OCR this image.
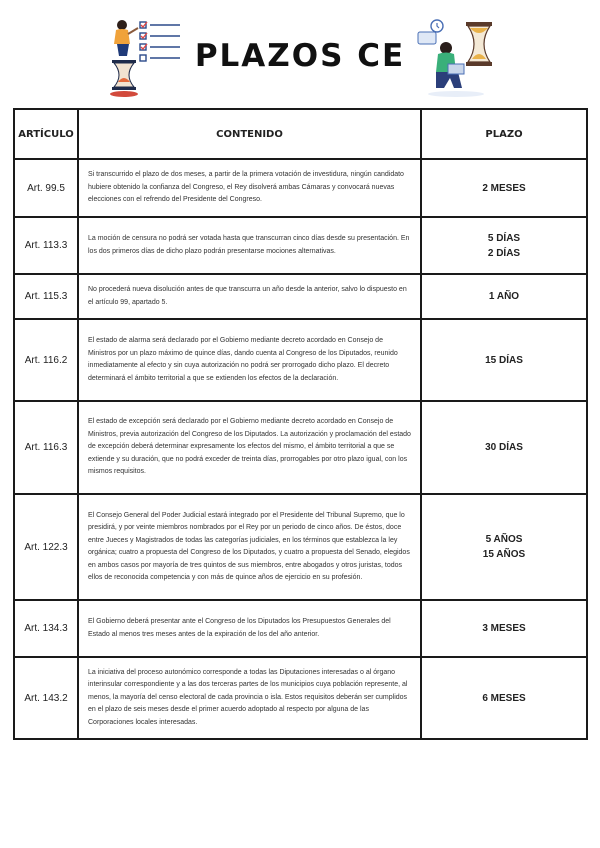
PLAZOS CE
ARTÍCULO	CONTENIDO	PLAZO
Art. 99.5	Si transcurrido el plazo de dos meses, a partir de la primera votación de investidura, ningún candidato hubiere obtenido la confianza del Congreso, el Rey disolverá ambas Cámaras y convocará nuevas elecciones con el refrendo del Presidente del Congreso.	2 MESES

Art. 113.3	La moción de censura no podrá ser votada hasta que transcurran cinco días desde su presentación. En los dos primeros días de dicho plazo podrán presentarse mociones alternativas.	5 DÍAS
2 DÍAS

Art. 115.3	No procederá nueva disolución antes de que transcurra un año desde la anterior, salvo lo dispuesto en el artículo 99, apartado 5.	1 AÑO

Art. 116.2	El estado de alarma será declarado por el Gobierno mediante decreto acordado en Consejo de Ministros por un plazo máximo de quince días, dando cuenta al Congreso de los Diputados, reunido inmediatamente al efecto y sin cuya autorización no podrá ser prorrogado dicho plazo. El decreto determinará el ámbito territorial a que se extienden los efectos de la declaración.	15 DÍAS

Art. 116.3	El estado de excepción será declarado por el Gobierno mediante decreto acordado en Consejo de Ministros, previa autorización del Congreso de los Diputados. La autorización y proclamación del estado de excepción deberá determinar expresamente los efectos del mismo, el ámbito territorial a que se extiende y su duración, que no podrá exceder de treinta días, prorrogables por otro plazo igual, con los mismos requisitos.	30 DÍAS

Art. 122.3	El Consejo General del Poder Judicial estará integrado por el Presidente del Tribunal Supremo, que lo presidirá, y por veinte miembros nombrados por el Rey por un periodo de cinco años. De éstos, doce entre Jueces y Magistrados de todas las categorías judiciales, en los términos que establezca la ley orgánica; cuatro a propuesta del Congreso de los Diputados, y cuatro a propuesta del Senado, elegidos en ambos casos por mayoría de tres quintos de sus miembros, entre abogados y otros juristas, todos ellos de reconocida competencia y con más de quince años de ejercicio en su profesión.	5 AÑOS
15 AÑOS

Art. 134.3	El Gobierno deberá presentar ante el Congreso de los Diputados los Presupuestos Generales del Estado al menos tres meses antes de la expiración de los del año anterior.	3 MESES

Art. 143.2	La iniciativa del proceso autonómico corresponde a todas las Diputaciones interesadas o al órgano interinsular correspondiente y a las dos terceras partes de los municipios cuya población represente, al menos, la mayoría del censo electoral de cada provincia o isla. Estos requisitos deberán ser cumplidos en el plazo de seis meses desde el primer acuerdo adoptado al respecto por alguna de las Corporaciones locales interesadas.	6 MESES
